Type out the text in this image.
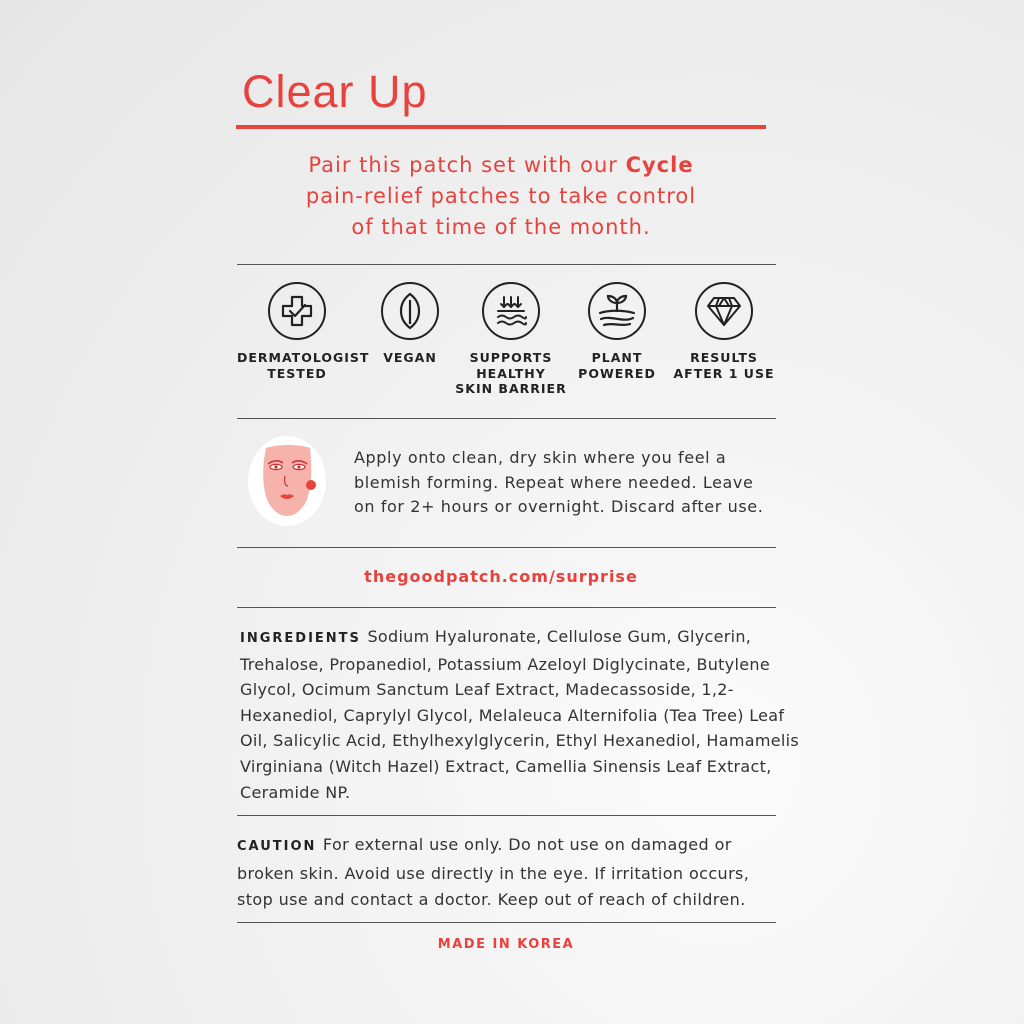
Clear Up
Pair this patch set with our Cycle
pain-relief patches to take control
of that time of the month.
DERMATOLOGIST
TESTED
VEGAN	SUPPORTS
HEALTHY
SKIN BARRIER
PLANT
POWERED
RESULTS
AFTER 1 USE
Apply onto clean, dry skin where you feel a blemish forming. Repeat where needed. Leave on for 2+ hours or overnight. Discard after use.
thegoodpatch.com/surprise
INGREDIENTS Sodium Hyaluronate, Cellulose Gum, Glycerin, Trehalose, Propanediol, Potassium Azeloyl Diglycinate, Butylene Glycol, Ocimum Sanctum Leaf Extract, Madecassoside, 1,2-Hexanediol, Caprylyl Glycol, Melaleuca Alternifolia (Tea Tree) Leaf Oil, Salicylic Acid, Ethylhexylglycerin, Ethyl Hexanediol, Hamamelis Virginiana (Witch Hazel) Extract, Camellia Sinensis Leaf Extract, Ceramide NP.
CAUTION For external use only. Do not use on damaged or broken skin. Avoid use directly in the eye. If irritation occurs, stop use and contact a doctor. Keep out of reach of children.
MADE IN KOREA
